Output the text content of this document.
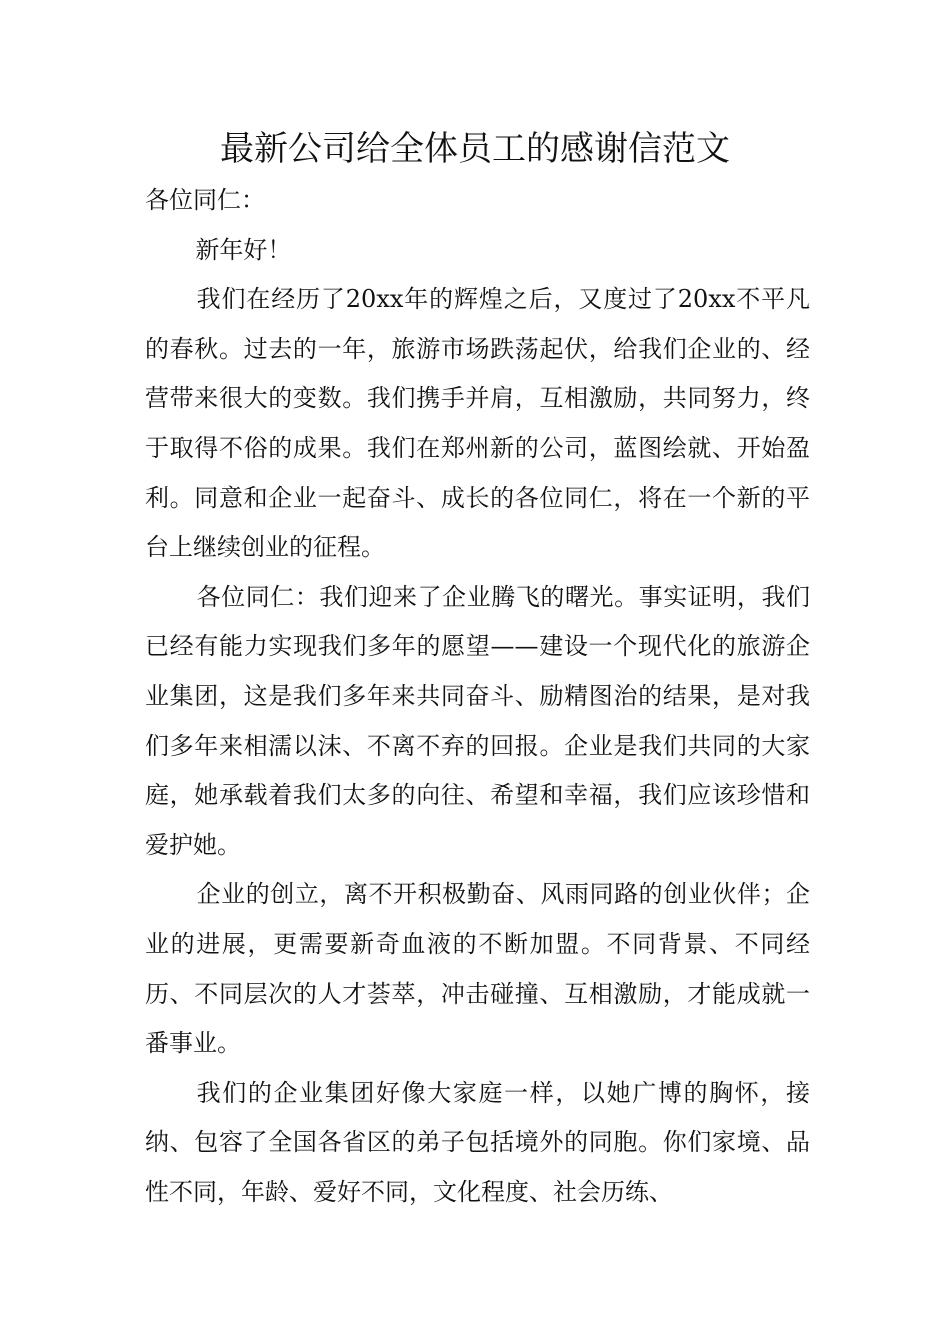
最新公司给全体员工的感谢信范文

各位同仁：

新年好！

我们在经历了20xx年的辉煌之后，又度过了20xx不平凡的春秋。过去的一年，旅游市场跌荡起伏，给我们企业的、经营带来很大的变数。我们携手并肩，互相激励，共同努力，终于取得不俗的成果。我们在郑州新的公司，蓝图绘就、开始盈利。同意和企业一起奋斗、成长的各位同仁，将在一个新的平台上继续创业的征程。

各位同仁：我们迎来了企业腾飞的曙光。事实证明，我们已经有能力实现我们多年的愿望——建设一个现代化的旅游企业集团，这是我们多年来共同奋斗、励精图治的结果，是对我们多年来相濡以沫、不离不弃的回报。企业是我们共同的大家庭，她承载着我们太多的向往、希望和幸福，我们应该珍惜和爱护她。

企业的创立，离不开积极勤奋、风雨同路的创业伙伴；企业的进展，更需要新奇血液的不断加盟。不同背景、不同经历、不同层次的人才荟萃，冲击碰撞、互相激励，才能成就一番事业。

我们的企业集团好像大家庭一样，以她广博的胸怀，接纳、包容了全国各省区的弟子包括境外的同胞。你们家境、品性不同，年龄、爱好不同，文化程度、社会历练、
